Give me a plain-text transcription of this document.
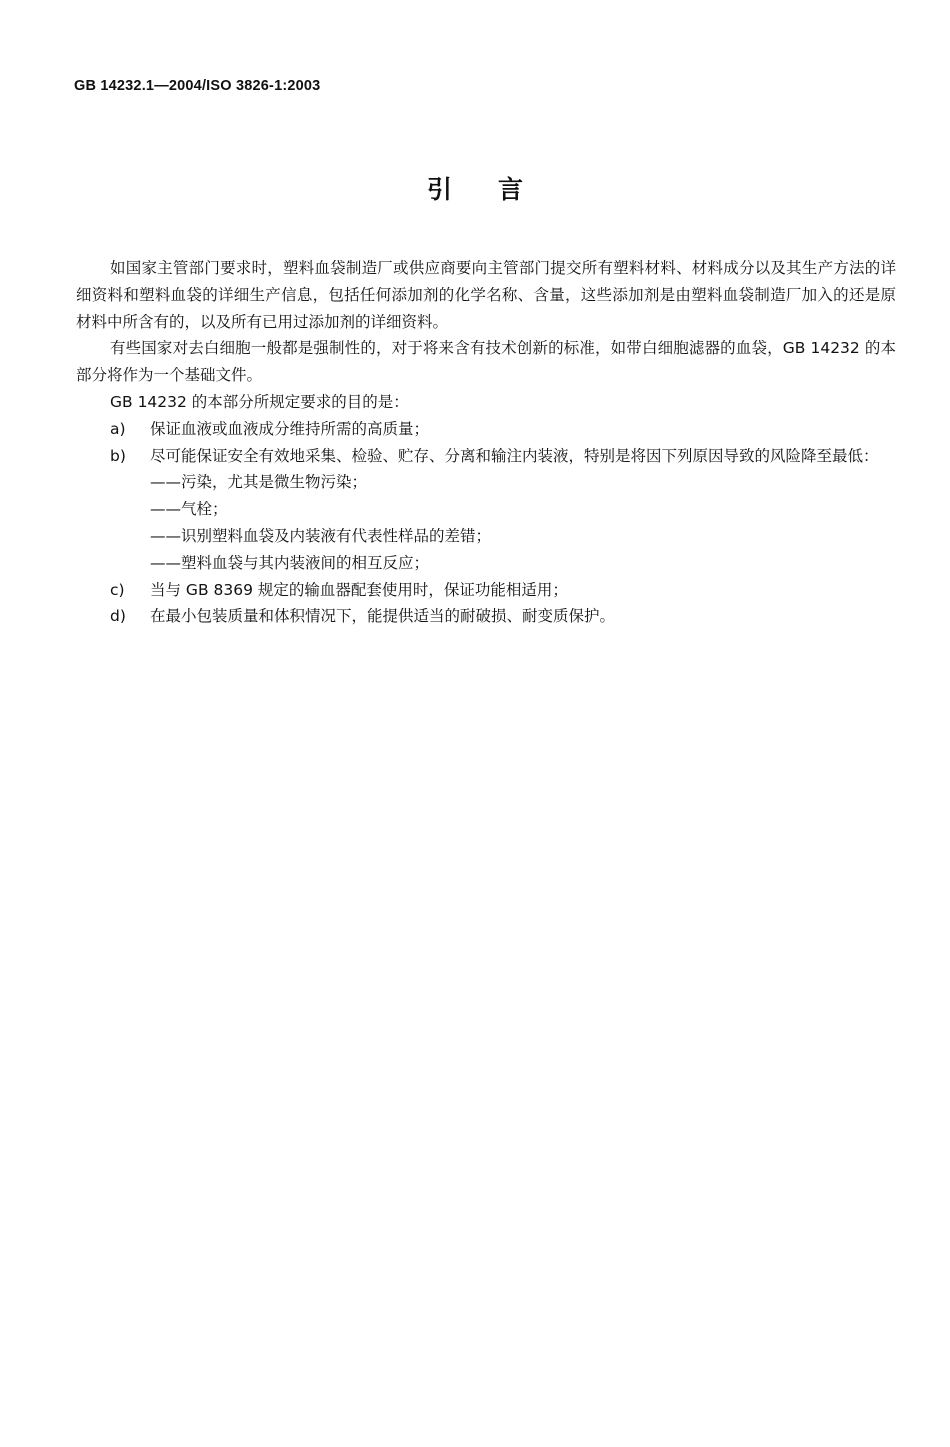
GB 14232.1—2004/ISO 3826-1:2003
引言

如国家主管部门要求时，塑料血袋制造厂或供应商要向主管部门提交所有塑料材料、材料成分以及其生产方法的详细资料和塑料血袋的详细生产信息，包括任何添加剂的化学名称、含量，这些添加剂是由塑料血袋制造厂加入的还是原材料中所含有的，以及所有已用过添加剂的详细资料。

有些国家对去白细胞一般都是强制性的，对于将来含有技术创新的标准，如带白细胞滤器的血袋，GB 14232 的本部分将作为一个基础文件。

GB 14232 的本部分所规定要求的目的是：

a)	保证血液或血液成分维持所需的高质量；
b)	尽可能保证安全有效地采集、检验、贮存、分离和输注内装液，特别是将因下列原因导致的风险降至最低：
——污染，尤其是微生物污染；
——气栓；
——识别塑料血袋及内装液有代表性样品的差错；
——塑料血袋与其内装液间的相互反应；
c)	当与 GB 8369 规定的输血器配套使用时，保证功能相适用；
d)	在最小包装质量和体积情况下，能提供适当的耐破损、耐变质保护。
